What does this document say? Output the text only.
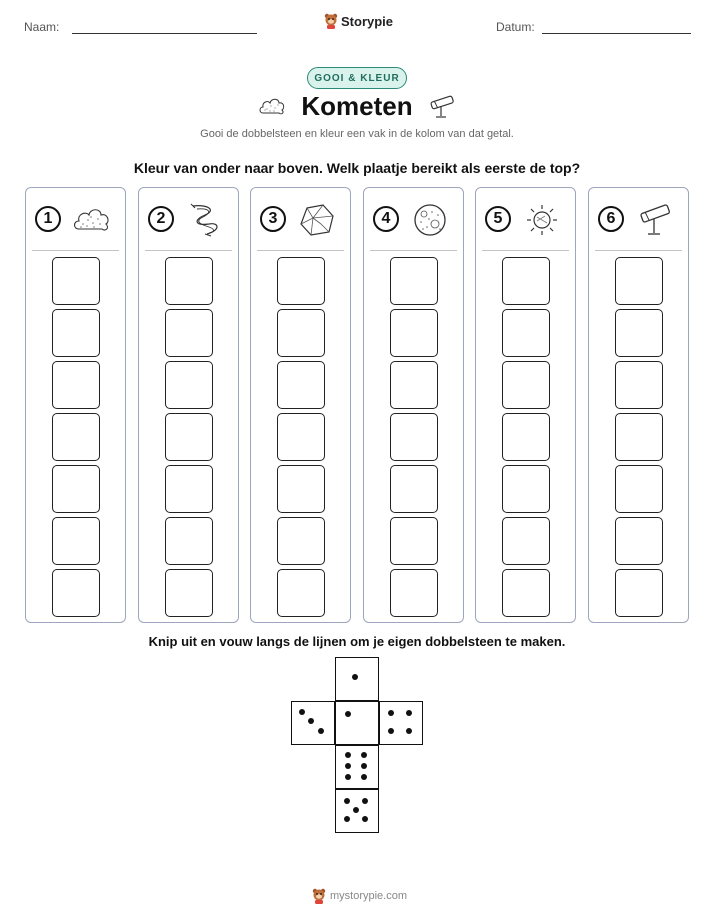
Naam:	Storypie	Datum:
GOOI & KLEUR
Kometen
Gooi de dobbelsteen en kleur een vak in de kolom van dat getal.
Kleur van onder naar boven. Welk plaatje bereikt als eerste de top?
1	2	3	4	5	6
Knip uit en vouw langs de lijnen om je eigen dobbelsteen te maken.
mystorypie.com
